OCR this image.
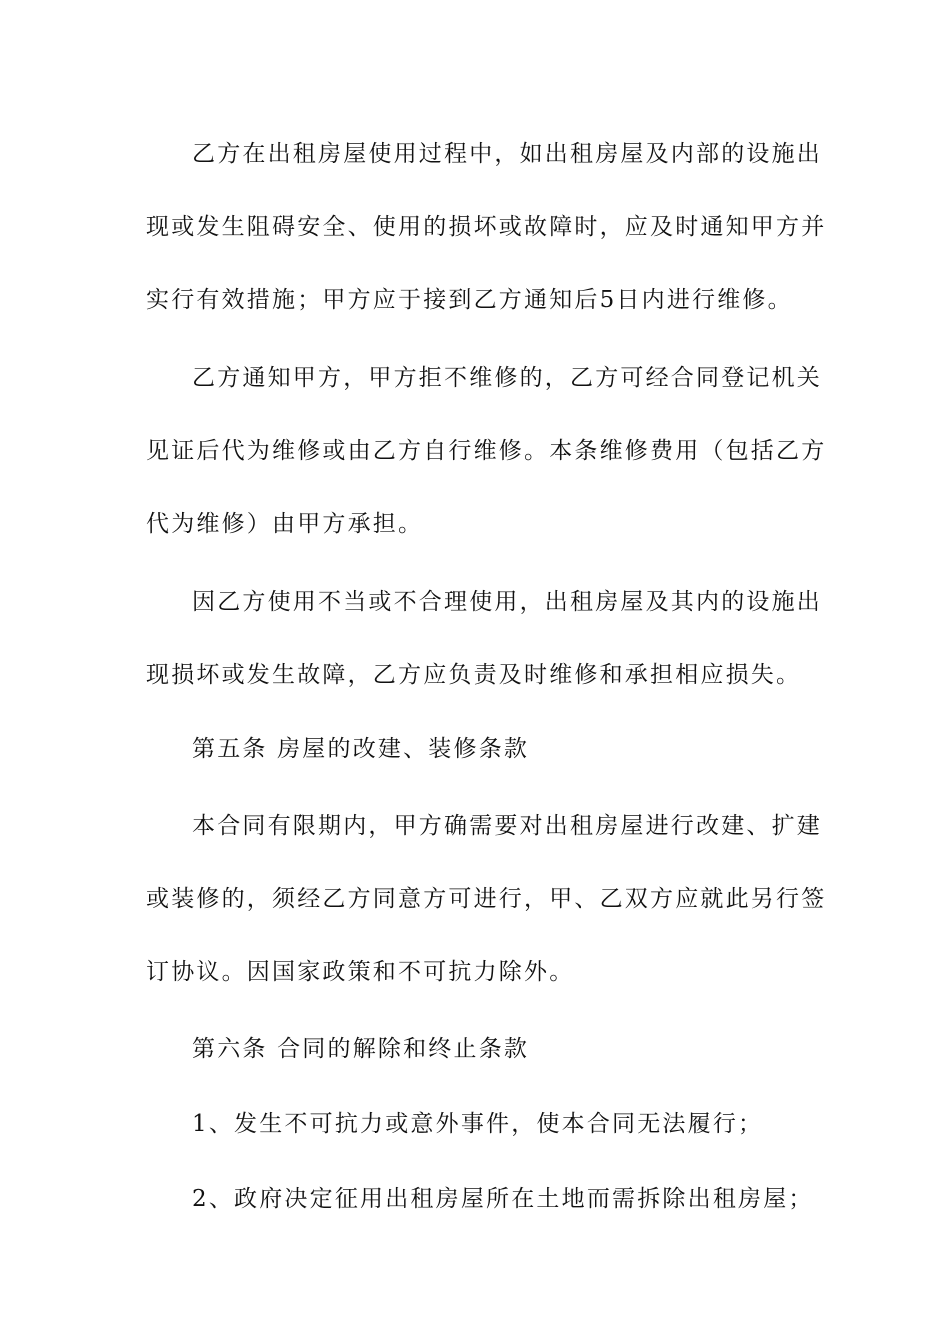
乙方在出租房屋使用过程中，如出租房屋及内部的设施出
现或发生阻碍安全、使用的损坏或故障时，应及时通知甲方并
实行有效措施；甲方应于接到乙方通知后5日内进行维修。
乙方通知甲方，甲方拒不维修的，乙方可经合同登记机关
见证后代为维修或由乙方自行维修。本条维修费用（包括乙方
代为维修）由甲方承担。
因乙方使用不当或不合理使用，出租房屋及其内的设施出
现损坏或发生故障，乙方应负责及时维修和承担相应损失。
第五条 房屋的改建、装修条款
本合同有限期内，甲方确需要对出租房屋进行改建、扩建
或装修的，须经乙方同意方可进行，甲、乙双方应就此另行签
订协议。因国家政策和不可抗力除外。
第六条 合同的解除和终止条款
1、发生不可抗力或意外事件，使本合同无法履行；
2、政府决定征用出租房屋所在土地而需拆除出租房屋；
